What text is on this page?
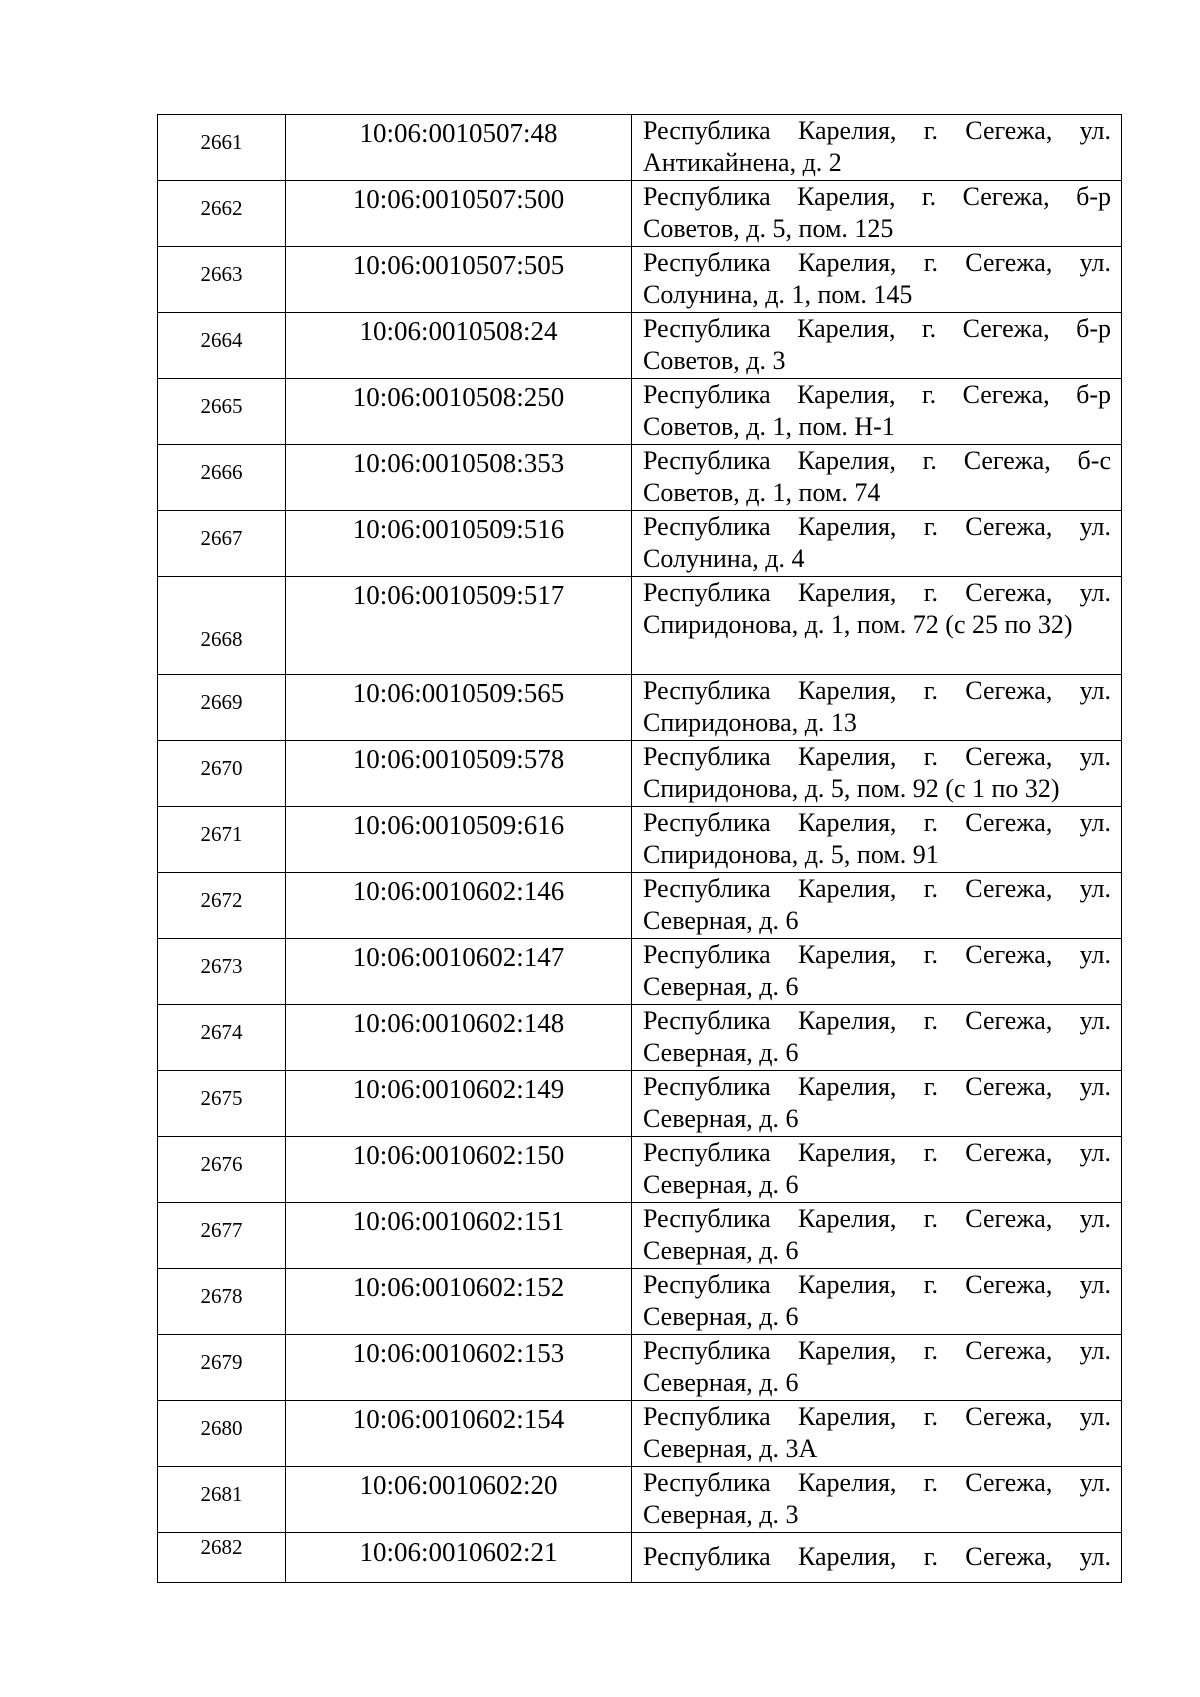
2661	10:06:0010507:48	Республика Карелия, г. Сегежа, ул. Антикайнена, д. 2

2662	10:06:0010507:500	Республика Карелия, г. Сегежа, б-р Советов, д. 5, пом. 125

2663	10:06:0010507:505	Республика Карелия, г. Сегежа, ул. Солунина, д. 1, пом. 145

2664	10:06:0010508:24	Республика Карелия, г. Сегежа, б-р Советов, д. 3

2665	10:06:0010508:250	Республика Карелия, г. Сегежа, б-р Советов, д. 1, пом. Н-1

2666	10:06:0010508:353	Республика Карелия, г. Сегежа, б-с Советов, д. 1, пом. 74

2667	10:06:0010509:516	Республика Карелия, г. Сегежа, ул. Солунина, д. 4

2668	10:06:0010509:517	Республика Карелия, г. Сегежа, ул. Спиридонова, д. 1, пом. 72 (с 25 по 32)

2669	10:06:0010509:565	Республика Карелия, г. Сегежа, ул. Спиридонова, д. 13

2670	10:06:0010509:578	Республика Карелия, г. Сегежа, ул. Спиридонова, д. 5, пом. 92 (с 1 по 32)

2671	10:06:0010509:616	Республика Карелия, г. Сегежа, ул. Спиридонова, д. 5, пом. 91

2672	10:06:0010602:146	Республика Карелия, г. Сегежа, ул. Северная, д. 6

2673	10:06:0010602:147	Республика Карелия, г. Сегежа, ул. Северная, д. 6

2674	10:06:0010602:148	Республика Карелия, г. Сегежа, ул. Северная, д. 6

2675	10:06:0010602:149	Республика Карелия, г. Сегежа, ул. Северная, д. 6

2676	10:06:0010602:150	Республика Карелия, г. Сегежа, ул. Северная, д. 6

2677	10:06:0010602:151	Республика Карелия, г. Сегежа, ул. Северная, д. 6

2678	10:06:0010602:152	Республика Карелия, г. Сегежа, ул. Северная, д. 6

2679	10:06:0010602:153	Республика Карелия, г. Сегежа, ул. Северная, д. 6

2680	10:06:0010602:154	Республика Карелия, г. Сегежа, ул. Северная, д. 3А

2681	10:06:0010602:20	Республика Карелия, г. Сегежа, ул. Северная, д. 3

2682	10:06:0010602:21	Республика Карелия, г. Сегежа, ул.
